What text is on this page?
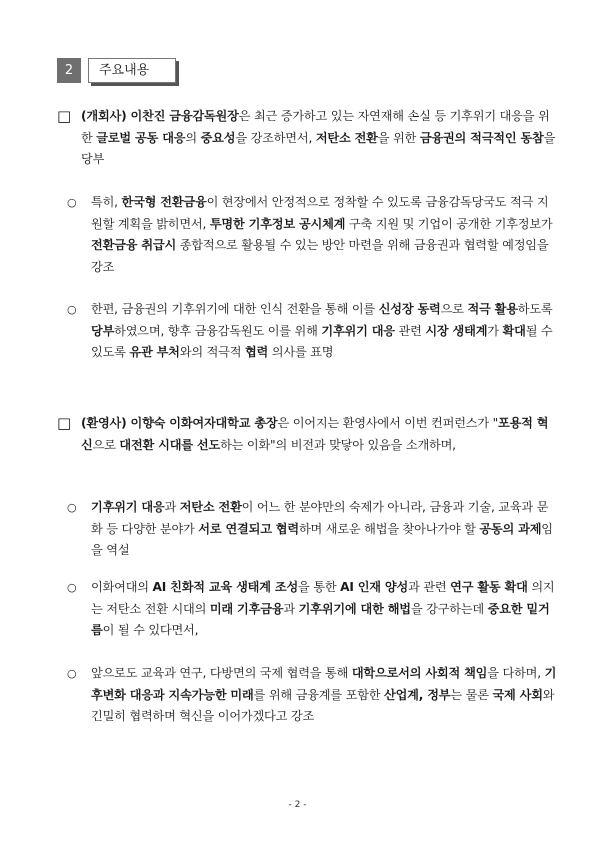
2	주요내용
□ (개회사) 이찬진 금융감독원장은 최근 증가하고 있는 자연재해 손실 등 기후위기 대응을 위한 글로벌 공동 대응의 중요성을 강조하면서, 저탄소 전환을 위한 금융권의 적극적인 동참을 당부
○	특히, 한국형 전환금융이 현장에서 안정적으로 정착할 수 있도록 금융감독당국도 적극 지원할 계획을 밝히면서, 투명한 기후정보 공시체계 구축 지원 및 기업이 공개한 기후정보가 전환금융 취급시 종합적으로 활용될 수 있는 방안 마련을 위해 금융권과 협력할 예정임을 강조
○	한편, 금융권의 기후위기에 대한 인식 전환을 통해 이를 신성장 동력으로 적극 활용하도록 당부하였으며, 향후 금융감독원도 이를 위해 기후위기 대응 관련 시장 생태계가 확대될 수 있도록 유관 부처와의 적극적 협력 의사를 표명
□ (환영사) 이향숙 이화여자대학교 총장은 이어지는 환영사에서 이번 컨퍼런스가 "포용적 혁신으로 대전환 시대를 선도하는 이화"의 비전과 맞닿아 있음을 소개하며,
○	기후위기 대응과 저탄소 전환이 어느 한 분야만의 숙제가 아니라, 금융과 기술, 교육과 문화 등 다양한 분야가 서로 연결되고 협력하며 새로운 해법을 찾아나가야 할 공동의 과제임을 역설
○	이화여대의 AI 친화적 교육 생태계 조성을 통한 AI 인재 양성과 관련 연구 활동 확대 의지는 저탄소 전환 시대의 미래 기후금융과 기후위기에 대한 해법을 강구하는데 중요한 밑거름이 될 수 있다면서,
○	앞으로도 교육과 연구, 다방면의 국제 협력을 통해 대학으로서의 사회적 책임을 다하며, 기후변화 대응과 지속가능한 미래를 위해 금융계를 포함한 산업계, 정부는 물론 국제 사회와 긴밀히 협력하며 혁신을 이어가겠다고 강조
- 2 -
